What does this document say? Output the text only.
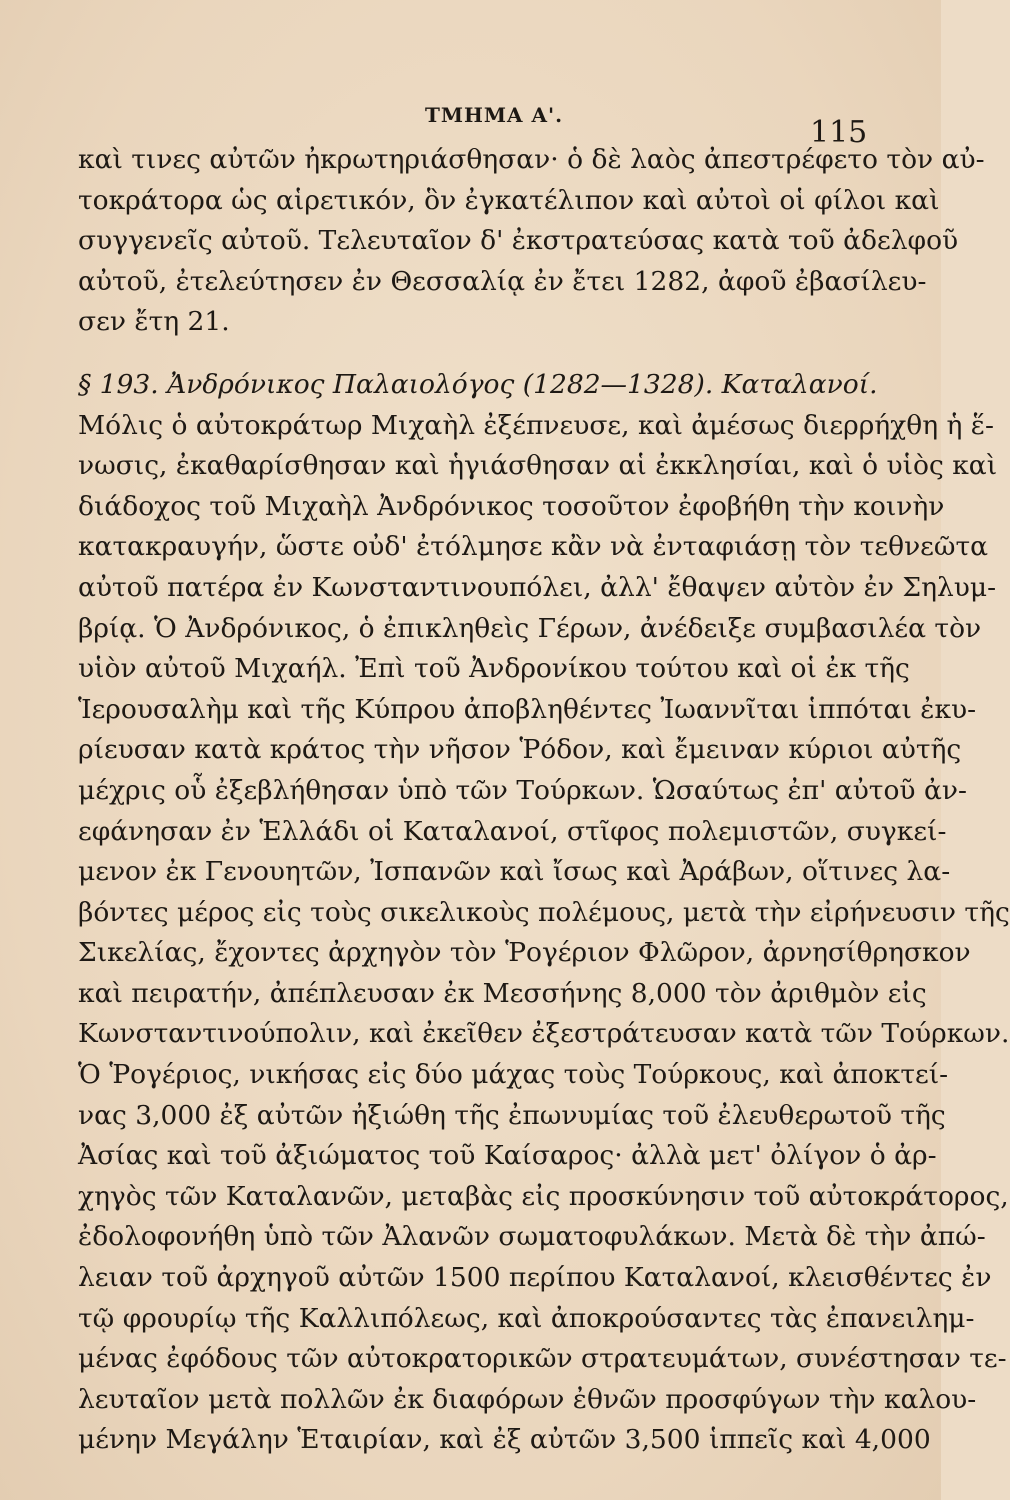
ΤΜΗΜΑ Α'.	115
καὶ τινες αὐτῶν ἠκρωτηριάσθησαν· ὁ δὲ λαὸς ἀπεστρέφετο τὸν αὐ-
τοκράτορα ὡς αἱρετικόν, ὃν ἐγκατέλιπον καὶ αὐτοὶ οἱ φίλοι καὶ
συγγενεῖς αὐτοῦ. Τελευταῖον δ' ἐκστρατεύσας κατὰ τοῦ ἀδελφοῦ
αὐτοῦ, ἐτελεύτησεν ἐν Θεσσαλίᾳ ἐν ἔτει 1282, ἀφοῦ ἐβασίλευ-
σεν ἔτη 21.
§ 193. Ἀνδρόνικος Παλαιολόγος (1282—1328). Καταλανοί.
Μόλις ὁ αὐτοκράτωρ Μιχαὴλ ἐξέπνευσε, καὶ ἀμέσως διερρήχθη ἡ ἕ-
νωσις, ἐκαθαρίσθησαν καὶ ἡγιάσθησαν αἱ ἐκκλησίαι, καὶ ὁ υἱὸς καὶ
διάδοχος τοῦ Μιχαὴλ Ἀνδρόνικος τοσοῦτον ἐφοβήθη τὴν κοινὴν
κατακραυγήν, ὥστε οὐδ' ἐτόλμησε κἂν νὰ ἐνταφιάσῃ τὸν τεθνεῶτα
αὐτοῦ πατέρα ἐν Κωνσταντινουπόλει, ἀλλ' ἔθαψεν αὐτὸν ἐν Σηλυμ-
βρίᾳ. Ὁ Ἀνδρόνικος, ὁ ἐπικληθεὶς Γέρων, ἀνέδειξε συμβασιλέα τὸν
υἱὸν αὐτοῦ Μιχαήλ. Ἐπὶ τοῦ Ἀνδρονίκου τούτου καὶ οἱ ἐκ τῆς
Ἱερουσαλὴμ καὶ τῆς Κύπρου ἀποβληθέντες Ἰωαννῖται ἱππόται ἐκυ-
ρίευσαν κατὰ κράτος τὴν νῆσον Ῥόδον, καὶ ἔμειναν κύριοι αὐτῆς
μέχρις οὗ ἐξεβλήθησαν ὑπὸ τῶν Τούρκων. Ὡσαύτως ἐπ' αὐτοῦ ἀν-
εφάνησαν ἐν Ἑλλάδι οἱ Καταλανοί, στῖφος πολεμιστῶν, συγκεί-
μενον ἐκ Γενουητῶν, Ἰσπανῶν καὶ ἴσως καὶ Ἀράβων, οἵτινες λα-
βόντες μέρος εἰς τοὺς σικελικοὺς πολέμους, μετὰ τὴν εἰρήνευσιν τῆς
Σικελίας, ἔχοντες ἀρχηγὸν τὸν Ῥογέριον Φλῶρον, ἀρνησίθρησκον
καὶ πειρατήν, ἀπέπλευσαν ἐκ Μεσσήνης 8,000 τὸν ἀριθμὸν εἰς
Κωνσταντινούπολιν, καὶ ἐκεῖθεν ἐξεστράτευσαν κατὰ τῶν Τούρκων.
Ὁ Ῥογέριος, νικήσας εἰς δύο μάχας τοὺς Τούρκους, καὶ ἀποκτεί-
νας 3,000 ἐξ αὐτῶν ἠξιώθη τῆς ἐπωνυμίας τοῦ ἐλευθερωτοῦ τῆς
Ἀσίας καὶ τοῦ ἀξιώματος τοῦ Καίσαρος· ἀλλὰ μετ' ὀλίγον ὁ ἀρ-
χηγὸς τῶν Καταλανῶν, μεταβὰς εἰς προσκύνησιν τοῦ αὐτοκράτορος,
ἐδολοφονήθη ὑπὸ τῶν Ἀλανῶν σωματοφυλάκων. Μετὰ δὲ τὴν ἀπώ-
λειαν τοῦ ἀρχηγοῦ αὐτῶν 1500 περίπου Καταλανοί, κλεισθέντες ἐν
τῷ φρουρίῳ τῆς Καλλιπόλεως, καὶ ἀποκρούσαντες τὰς ἐπανειλημ-
μένας ἐφόδους τῶν αὐτοκρατορικῶν στρατευμάτων, συνέστησαν τε-
λευταῖον μετὰ πολλῶν ἐκ διαφόρων ἐθνῶν προσφύγων τὴν καλου-
μένην Μεγάλην Ἑταιρίαν, καὶ ἐξ αὐτῶν 3,500 ἱππεῖς καὶ 4,000
